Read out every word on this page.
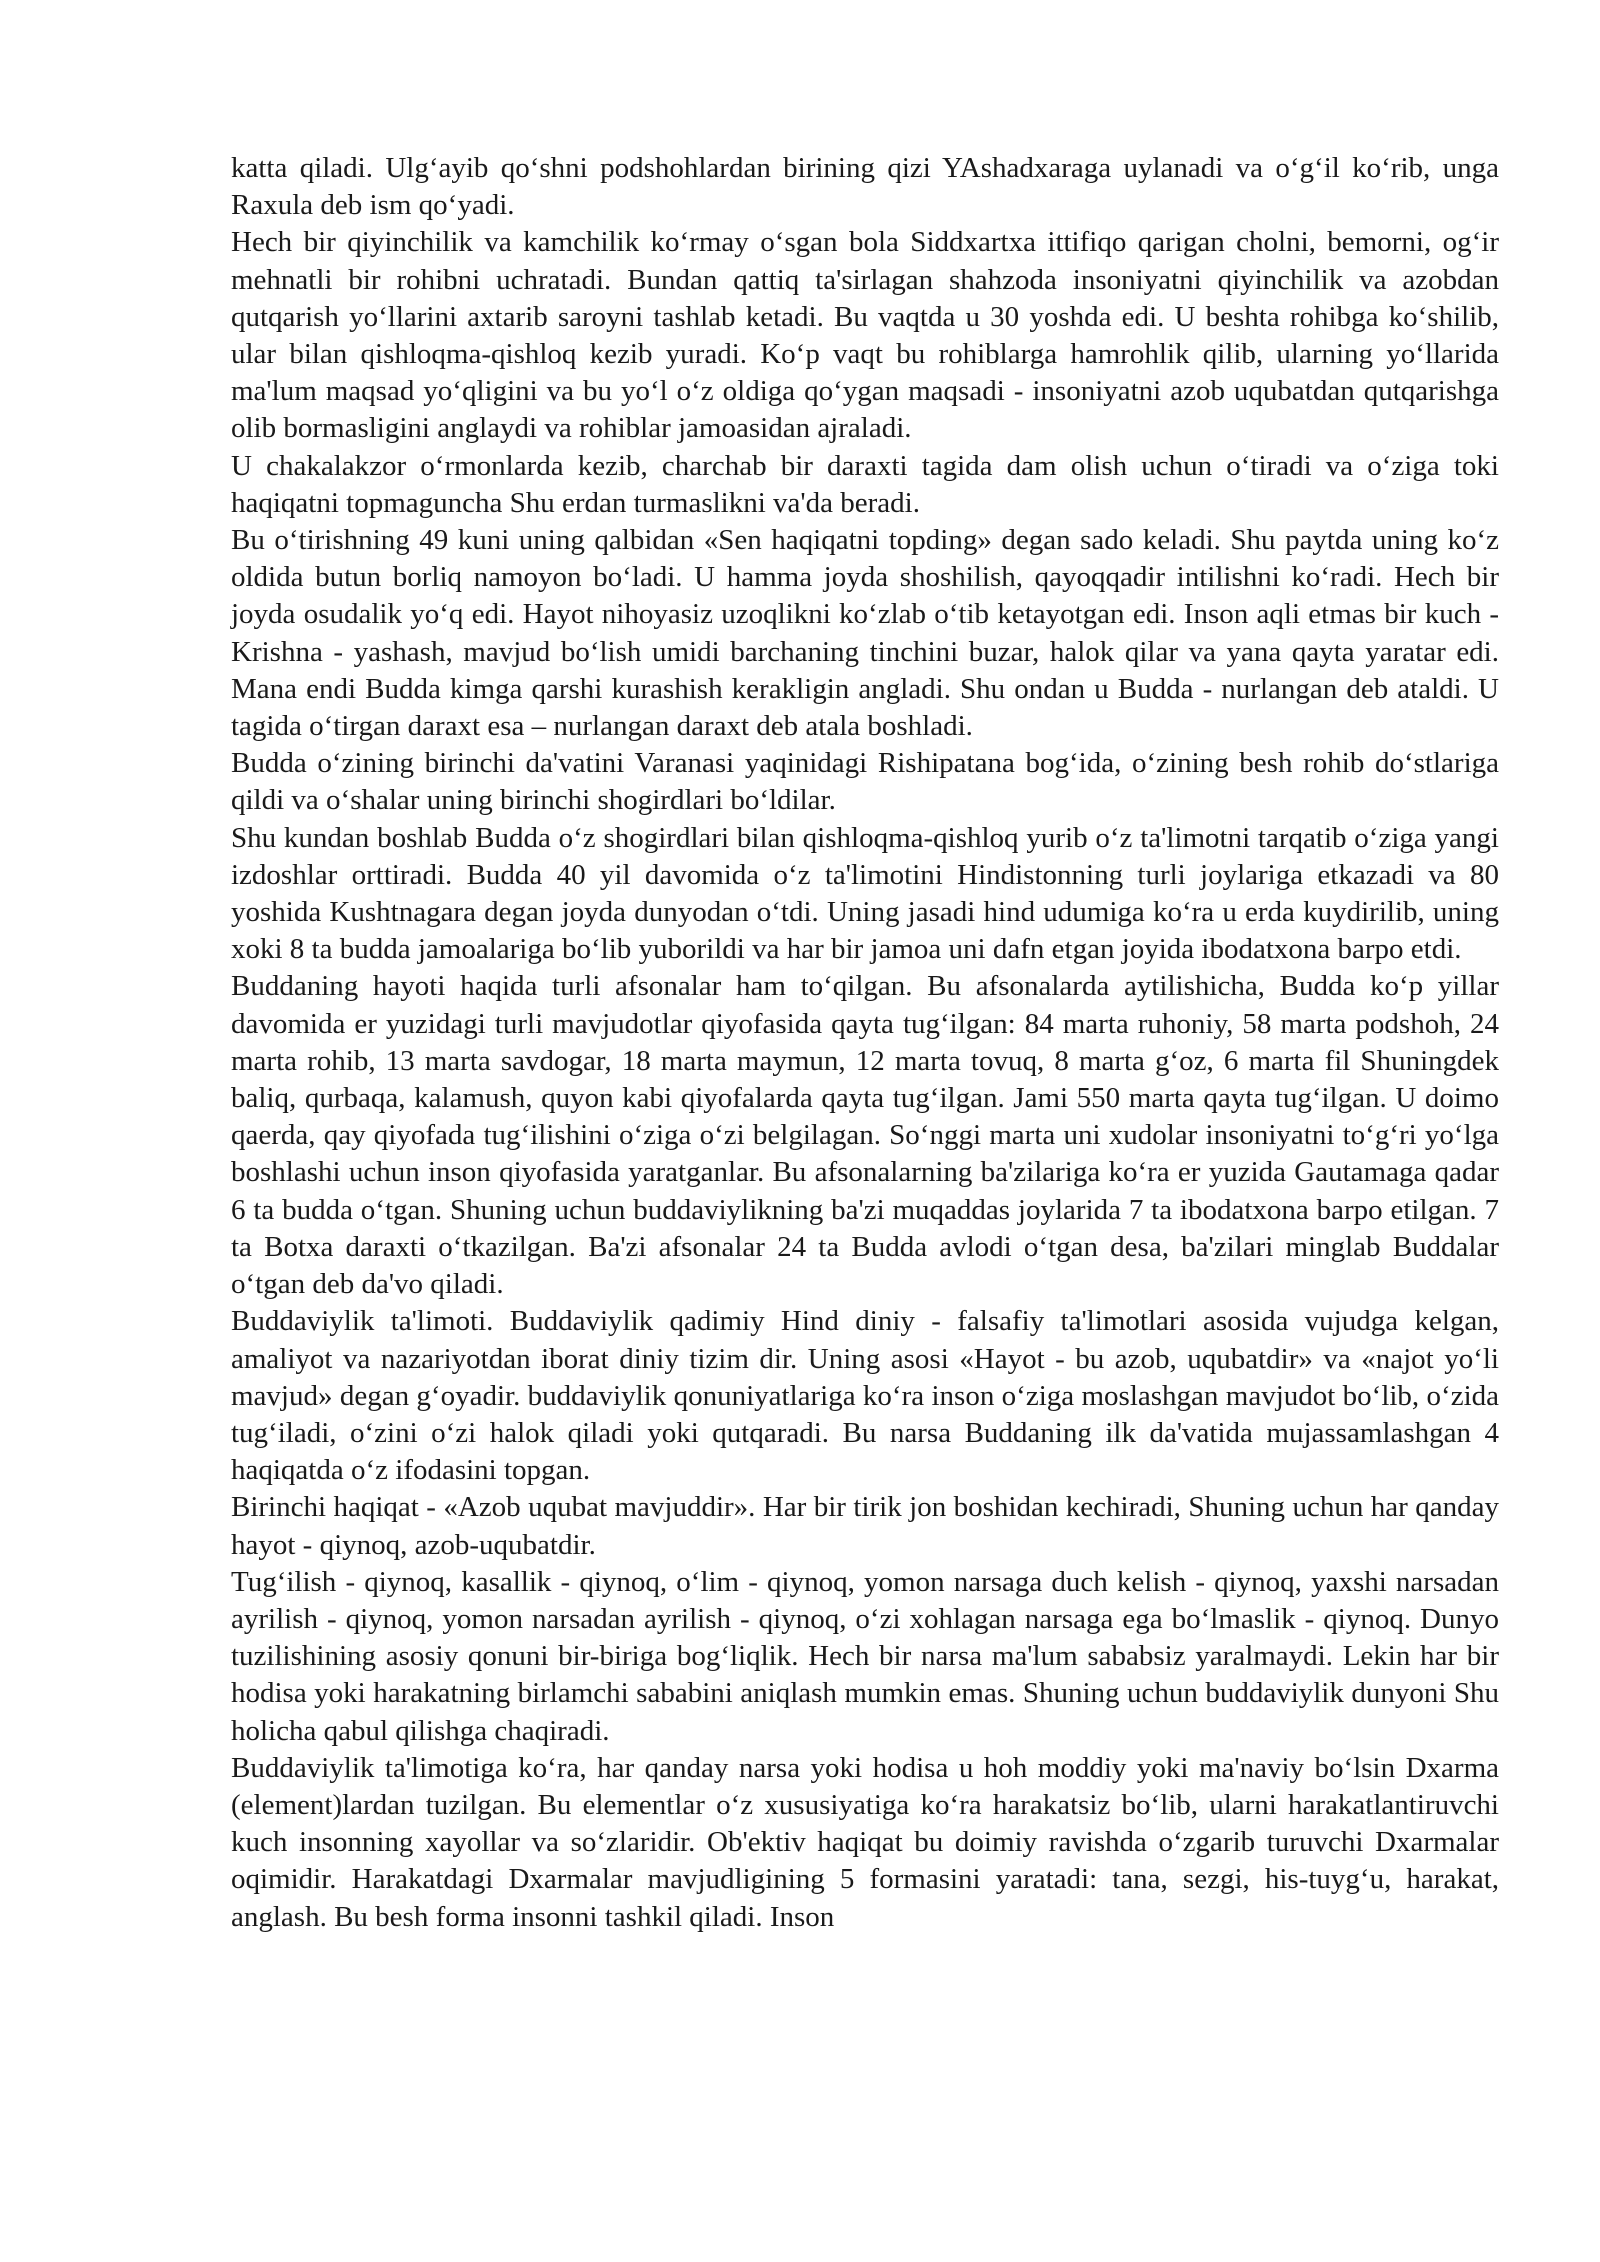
katta qiladi. Ulg‘ayib qo‘shni podshohlardan birining qizi YAshadxaraga uylanadi va o‘g‘il ko‘rib, unga Raxula deb ism qo‘yadi.

Hech bir qiyinchilik va kamchilik ko‘rmay o‘sgan bola Siddxartxa ittifiqo qarigan cholni, bemorni, og‘ir mehnatli bir rohibni uchratadi. Bundan qattiq ta'sirlagan shahzoda insoniyatni qiyinchilik va azobdan qutqarish yo‘llarini axtarib saroyni tashlab ketadi. Bu vaqtda u 30 yoshda edi. U beshta rohibga ko‘shilib, ular bilan qishloqma-qishloq kezib yuradi. Ko‘p vaqt bu rohiblarga hamrohlik qilib, ularning yo‘llarida ma'lum maqsad yo‘qligini va bu yo‘l o‘z oldiga qo‘ygan maqsadi - insoniyatni azob uqubatdan qutqarishga olib bormasligini anglaydi va rohiblar jamoasidan ajraladi.

U chakalakzor o‘rmonlarda kezib, charchab bir daraxti tagida dam olish uchun o‘tiradi va o‘ziga toki haqiqatni topmaguncha Shu erdan turmaslikni va'da beradi.

Bu o‘tirishning 49 kuni uning qalbidan «Sen haqiqatni topding» degan sado keladi. Shu paytda uning ko‘z oldida butun borliq namoyon bo‘ladi. U hamma joyda shoshilish, qayoqqadir intilishni ko‘radi. Hech bir joyda osudalik yo‘q edi. Hayot nihoyasiz uzoqlikni ko‘zlab o‘tib ketayotgan edi. Inson aqli etmas bir kuch - Krishna - yashash, mavjud bo‘lish umidi barchaning tinchini buzar, halok qilar va yana qayta yaratar edi. Mana endi Budda kimga qarshi kurashish kerakligin angladi. Shu ondan u Budda - nurlangan deb ataldi. U tagida o‘tirgan daraxt esa – nurlangan daraxt deb atala boshladi.

Budda o‘zining birinchi da'vatini Varanasi yaqinidagi Rishipatana bog‘ida, o‘zining besh rohib do‘stlariga qildi va o‘shalar uning birinchi shogirdlari bo‘ldilar.

Shu kundan boshlab Budda o‘z shogirdlari bilan qishloqma-qishloq yurib o‘z ta'limotni tarqatib o‘ziga yangi izdoshlar orttiradi. Budda 40 yil davomida o‘z ta'limotini Hindistonning turli joylariga etkazadi va 80 yoshida Kushtnagara degan joyda dunyodan o‘tdi. Uning jasadi hind udumiga ko‘ra u erda kuydirilib, uning xoki 8 ta budda jamoalariga bo‘lib yuborildi va har bir jamoa uni dafn etgan joyida ibodatxona barpo etdi.

Buddaning hayoti haqida turli afsonalar ham to‘qilgan. Bu afsonalarda aytilishicha, Budda ko‘p yillar davomida er yuzidagi turli mavjudotlar qiyofasida qayta tug‘ilgan: 84 marta ruhoniy, 58 marta podshoh, 24 marta rohib, 13 marta savdogar, 18 marta maymun, 12 marta tovuq, 8 marta g‘oz, 6 marta fil Shuningdek baliq, qurbaqa, kalamush, quyon kabi qiyofalarda qayta tug‘ilgan. Jami 550 marta qayta tug‘ilgan. U doimo qaerda, qay qiyofada tug‘ilishini o‘ziga o‘zi belgilagan. So‘nggi marta uni xudolar insoniyatni to‘g‘ri yo‘lga boshlashi uchun inson qiyofasida yaratganlar. Bu afsonalarning ba'zilariga ko‘ra er yuzida Gautamaga qadar 6 ta budda o‘tgan. Shuning uchun buddaviylikning ba'zi muqaddas joylarida 7 ta ibodatxona barpo etilgan. 7 ta Botxa daraxti o‘tkazilgan. Ba'zi afsonalar 24 ta Budda avlodi o‘tgan desa, ba'zilari minglab Buddalar o‘tgan deb da'vo qiladi.

Buddaviylik ta'limoti. Buddaviylik qadimiy Hind diniy - falsafiy ta'limotlari asosida vujudga kelgan, amaliyot va nazariyotdan iborat diniy tizim dir. Uning asosi «Hayot - bu azob, uqubatdir» va «najot yo‘li mavjud» degan g‘oyadir. buddaviylik qonuniyatlariga ko‘ra inson o‘ziga moslashgan mavjudot bo‘lib, o‘zida tug‘iladi, o‘zini o‘zi halok qiladi yoki qutqaradi. Bu narsa Buddaning ilk da'vatida mujassamlashgan 4 haqiqatda o‘z ifodasini topgan.

Birinchi haqiqat - «Azob uqubat mavjuddir». Har bir tirik jon boshidan kechiradi, Shuning uchun har qanday hayot - qiynoq, azob-uqubatdir.

Tug‘ilish - qiynoq, kasallik - qiynoq, o‘lim - qiynoq, yomon narsaga duch kelish - qiynoq, yaxshi narsadan ayrilish - qiynoq, yomon narsadan ayrilish - qiynoq, o‘zi xohlagan narsaga ega bo‘lmaslik - qiynoq. Dunyo tuzilishining asosiy qonuni bir-biriga bog‘liqlik. Hech bir narsa ma'lum sababsiz yaralmaydi. Lekin har bir hodisa yoki harakatning birlamchi sababini aniqlash mumkin emas. Shuning uchun buddaviylik dunyoni Shu holicha qabul qilishga chaqiradi.

Buddaviylik ta'limotiga ko‘ra, har qanday narsa yoki hodisa u hoh moddiy yoki ma'naviy bo‘lsin Dxarma (element)lardan tuzilgan. Bu elementlar o‘z xususiyatiga ko‘ra harakatsiz bo‘lib, ularni harakatlantiruvchi kuch insonning xayollar va so‘zlaridir. Ob'ektiv haqiqat bu doimiy ravishda o‘zgarib turuvchi Dxarmalar oqimidir. Harakatdagi Dxarmalar mavjudligining 5 formasini yaratadi: tana, sezgi, his-tuyg‘u, harakat, anglash. Bu besh forma insonni tashkil qiladi. Inson
